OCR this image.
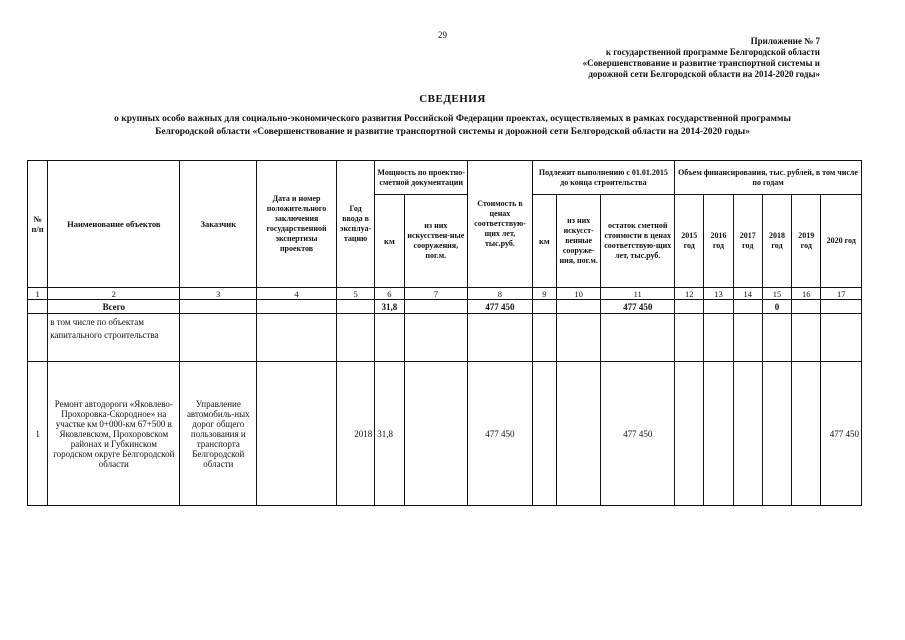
29
Приложение № 7
к государственной программе Белгородской области
«Совершенствование и развитие транспортной системы и
дорожной сети Белгородской области на 2014-2020 годы»
СВЕДЕНИЯ
о крупных особо важных для социально-экономического развития Российской Федерации проектах, осуществляемых в рамках государственной программы
Белгородской области «Совершенствование и развитие транспортной системы и дорожной сети Белгородской области на 2014-2020 годы»
№ п/п	Наименование объектов	Заказчик	Дата и номер положительного заключения государственной экспертизы проектов	Год ввода в эксплуа-тацию	Мощность по проектно-сметной документации		Стоимость в ценах соответствую-щих лет, тыс.руб.	Подлежит выполнению с 01.01.2015 до конца строительства			Объем финансирования, тыс. рублей, в том числе по годам					
					км	из них искусствен-ные сооружения, пог.м.		км	из них искусст-венные сооруже-ния, пог.м.	остаток сметной стоимости в ценах соответствую-щих лет, тыс.руб.	2015 год	2016 год	2017 год	2018 год	2019 год	2020 год
1	2	3	4	5	6	7	8	9	10	11	12	13	14	15	16	17
	Всего				31,8		477 450			477 450				0		
	в том числе по объектам капитального строительства															
1	Ремонт автодороги «Яковлево-Прохоровка-Скородное» на участке км 0+000-км 67+500 в Яковлевском, Прохоровском районах и Губкинском городском округе Белгородской области	Управление автомобиль-ных дорог общего пользования и транспорта Белгородской области		2018	31,8		477 450			477 450						477 450
